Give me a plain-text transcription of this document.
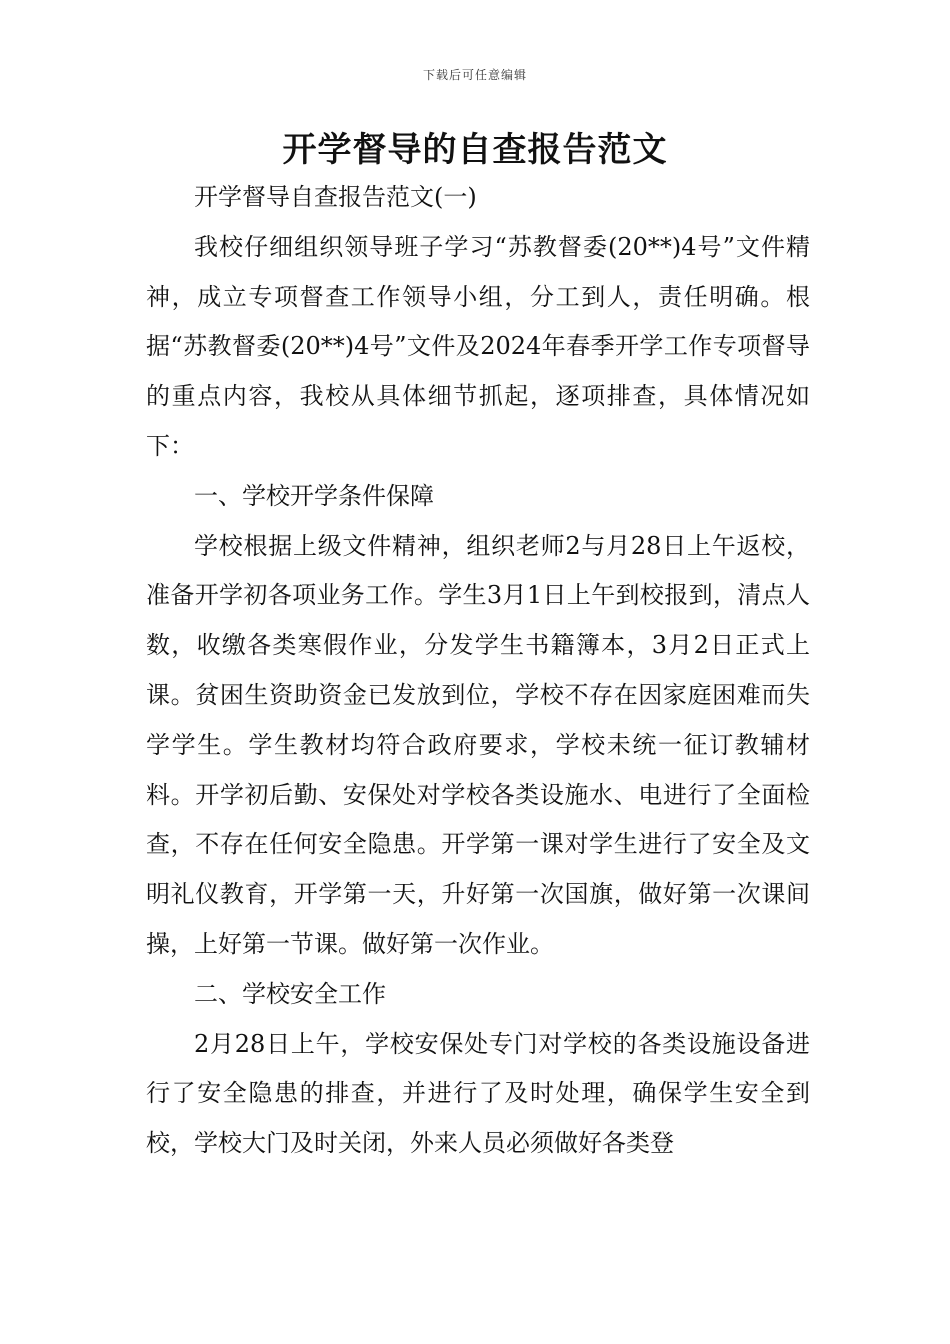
下载后可任意编辑
开学督导的自查报告范文

开学督导自查报告范文(一)

我校仔细组织领导班子学习“苏教督委(20**)4号”文件精神，成立专项督查工作领导小组，分工到人，责任明确。根据“苏教督委(20**)4号”文件及2024年春季开学工作专项督导的重点内容，我校从具体细节抓起，逐项排查，具体情况如下：

一、学校开学条件保障

学校根据上级文件精神，组织老师2与月28日上午返校，准备开学初各项业务工作。学生3月1日上午到校报到，清点人数，收缴各类寒假作业，分发学生书籍簿本，3月2日正式上课。贫困生资助资金已发放到位，学校不存在因家庭困难而失学学生。学生教材均符合政府要求，学校未统一征订教辅材料。开学初后勤、安保处对学校各类设施水、电进行了全面检查，不存在任何安全隐患。开学第一课对学生进行了安全及文明礼仪教育，开学第一天，升好第一次国旗，做好第一次课间操，上好第一节课。做好第一次作业。

二、学校安全工作

2月28日上午，学校安保处专门对学校的各类设施设备进行了安全隐患的排查，并进行了及时处理，确保学生安全到校，学校大门及时关闭，外来人员必须做好各类登
